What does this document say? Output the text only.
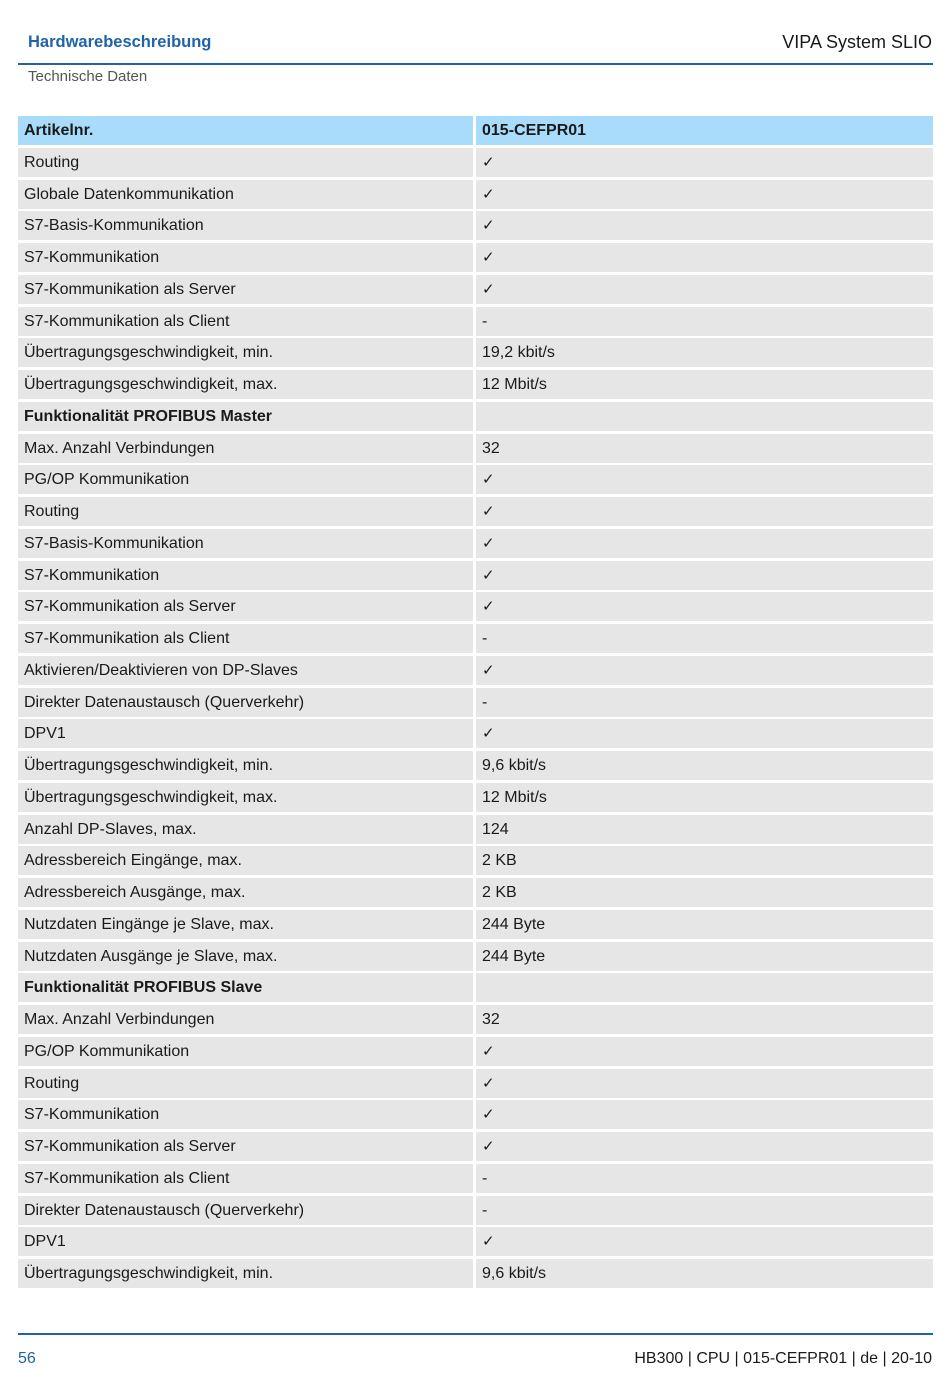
Hardwarebeschreibung	VIPA System SLIO
Technische Daten
Artikelnr.	015-CEFPR01
Routing	✓
Globale Datenkommunikation	✓
S7-Basis-Kommunikation	✓
S7-Kommunikation	✓
S7-Kommunikation als Server	✓
S7-Kommunikation als Client	-
Übertragungsgeschwindigkeit, min.	19,2 kbit/s
Übertragungsgeschwindigkeit, max.	12 Mbit/s
Funktionalität PROFIBUS Master
Max. Anzahl Verbindungen	32
PG/OP Kommunikation	✓
Routing	✓
S7-Basis-Kommunikation	✓
S7-Kommunikation	✓
S7-Kommunikation als Server	✓
S7-Kommunikation als Client	-
Aktivieren/Deaktivieren von DP-Slaves	✓
Direkter Datenaustausch (Querverkehr)	-
DPV1	✓
Übertragungsgeschwindigkeit, min.	9,6 kbit/s
Übertragungsgeschwindigkeit, max.	12 Mbit/s
Anzahl DP-Slaves, max.	124
Adressbereich Eingänge, max.	2 KB
Adressbereich Ausgänge, max.	2 KB
Nutzdaten Eingänge je Slave, max.	244 Byte
Nutzdaten Ausgänge je Slave, max.	244 Byte
Funktionalität PROFIBUS Slave
Max. Anzahl Verbindungen	32
PG/OP Kommunikation	✓
Routing	✓
S7-Kommunikation	✓
S7-Kommunikation als Server	✓
S7-Kommunikation als Client	-
Direkter Datenaustausch (Querverkehr)	-
DPV1	✓
Übertragungsgeschwindigkeit, min.	9,6 kbit/s
56	HB300 | CPU | 015-CEFPR01 | de | 20-10
